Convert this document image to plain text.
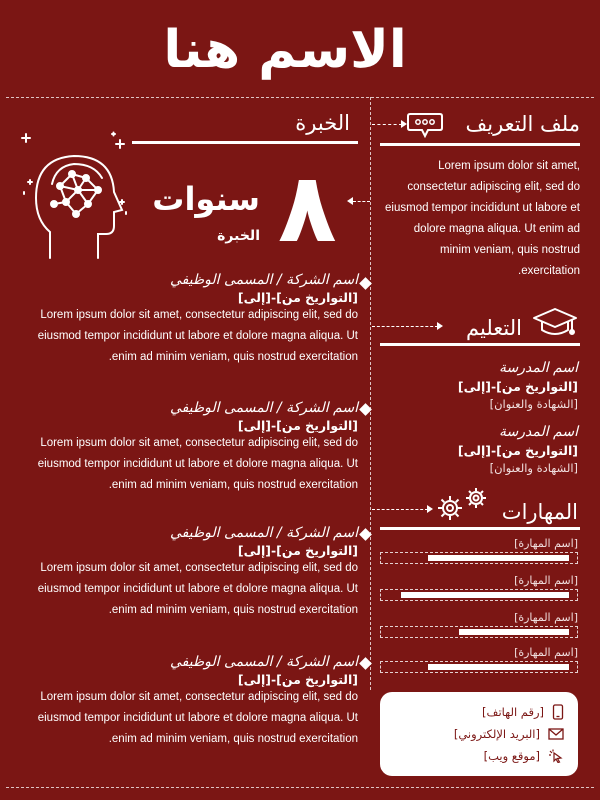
الاسم هنا
ملف التعريف
Lorem ipsum dolor sit amet, consectetur adipiscing elit, sed do eiusmod tempor incididunt ut labore et dolore magna aliqua. Ut enim ad minim veniam, quis nostrud exercitation.
الخبرة
٨
سنوات
الخبرة
اسم الشركة / المسمى الوظيفي
[التواريخ من]-[إلى]
Lorem ipsum dolor sit amet, consectetur adipiscing elit, sed do eiusmod tempor incididunt ut labore et dolore magna aliqua. Ut enim ad minim veniam, quis nostrud exercitation.
اسم الشركة / المسمى الوظيفي
[التواريخ من]-[إلى]
Lorem ipsum dolor sit amet, consectetur adipiscing elit, sed do eiusmod tempor incididunt ut labore et dolore magna aliqua. Ut enim ad minim veniam, quis nostrud exercitation.
اسم الشركة / المسمى الوظيفي
[التواريخ من]-[إلى]
Lorem ipsum dolor sit amet, consectetur adipiscing elit, sed do eiusmod tempor incididunt ut labore et dolore magna aliqua. Ut enim ad minim veniam, quis nostrud exercitation.
اسم الشركة / المسمى الوظيفي
[التواريخ من]-[إلى]
Lorem ipsum dolor sit amet, consectetur adipiscing elit, sed do eiusmod tempor incididunt ut labore et dolore magna aliqua. Ut enim ad minim veniam, quis nostrud exercitation.
التعليم
اسم المدرسة
[التواريخ من]-[إلى]
[الشهادة والعنوان]
اسم المدرسة
[التواريخ من]-[إلى]
[الشهادة والعنوان]
المهارات
[اسم المهارة]
[اسم المهارة]
[اسم المهارة]
[اسم المهارة]
[رقم الهاتف]
[البريد الإلكتروني]
[موقع ويب]
